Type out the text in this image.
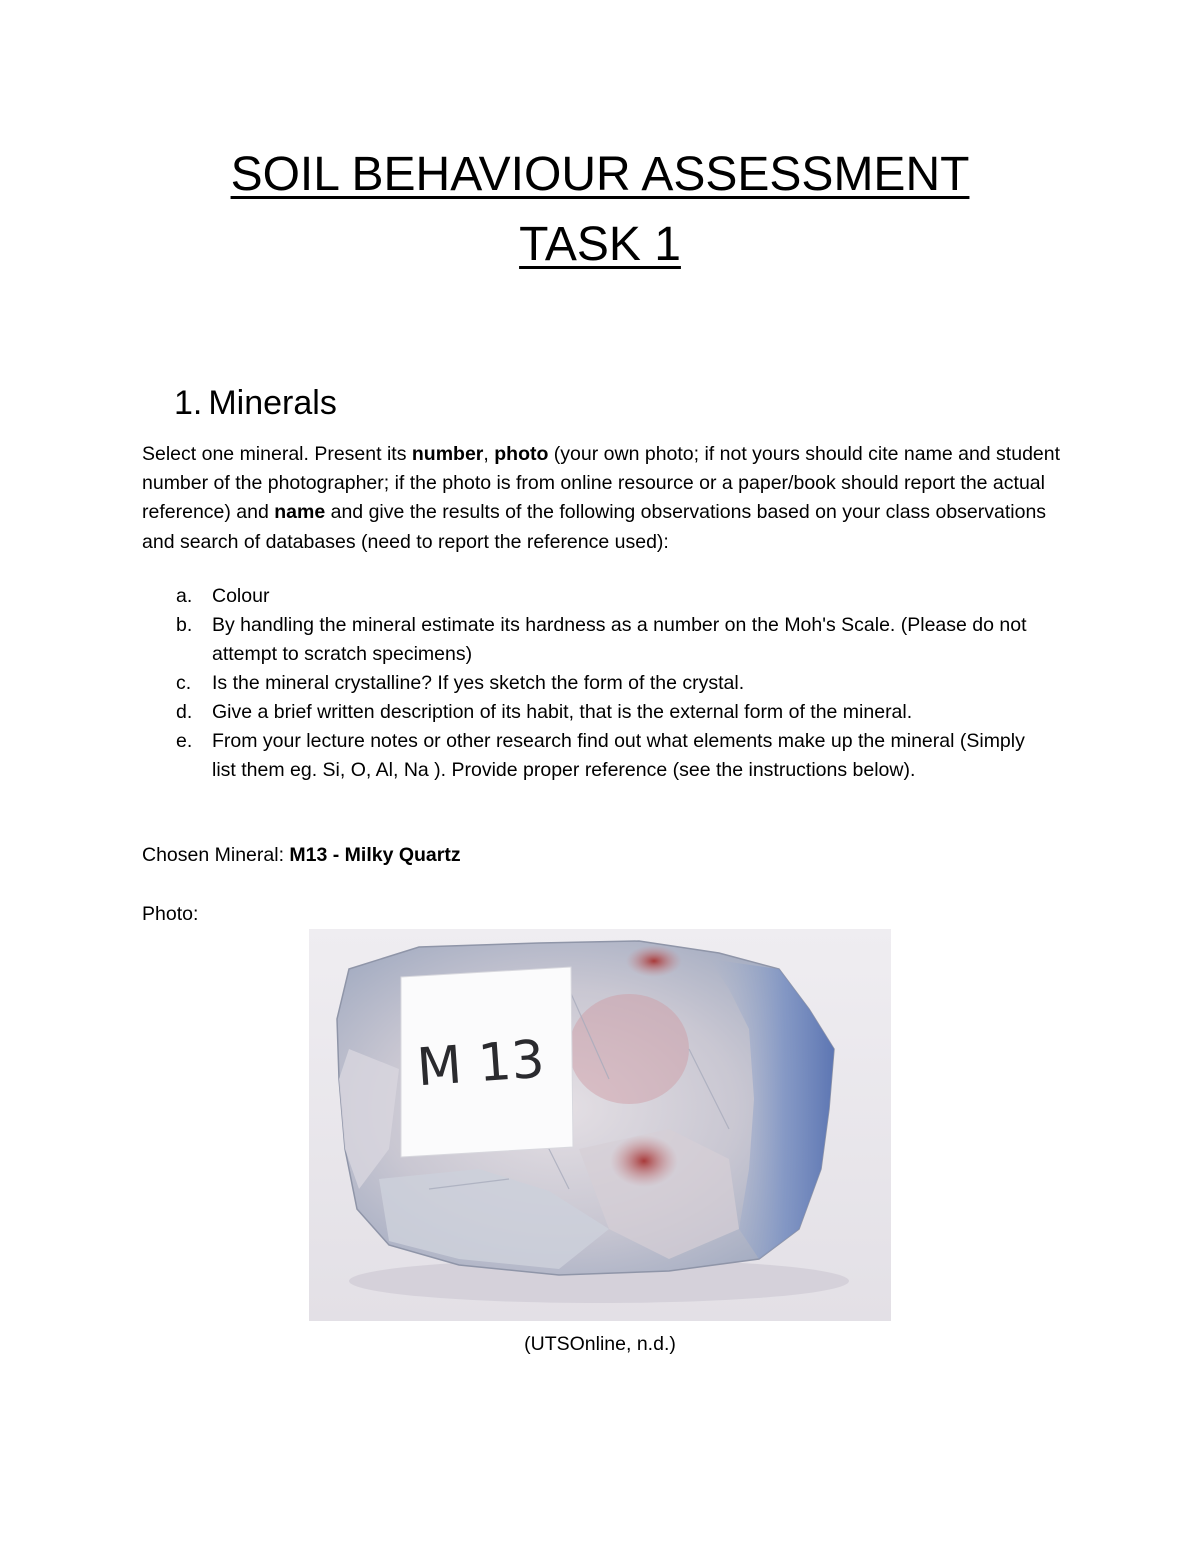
SOIL BEHAVIOUR ASSESSMENT
TASK 1
1. Minerals

Select one mineral. Present its number, photo (your own photo; if not yours should cite name and student number of the photographer; if the photo is from online resource or a paper/book should report the actual reference) and name and give the results of the following observations based on your class observations and search of databases (need to report the reference used):

a. Colour
b. By handling the mineral estimate its hardness as a number on the Moh's Scale. (Please do not attempt to scratch specimens)
c. Is the mineral crystalline? If yes sketch the form of the crystal.
d. Give a brief written description of its habit, that is the external form of the mineral.
e. From your lecture notes or other research find out what elements make up the mineral (Simply list them eg. Si, O, Al, Na ). Provide proper reference (see the instructions below).

Chosen Mineral: M13 - Milky Quartz

Photo:

M 13

(UTSOnline, n.d.)
